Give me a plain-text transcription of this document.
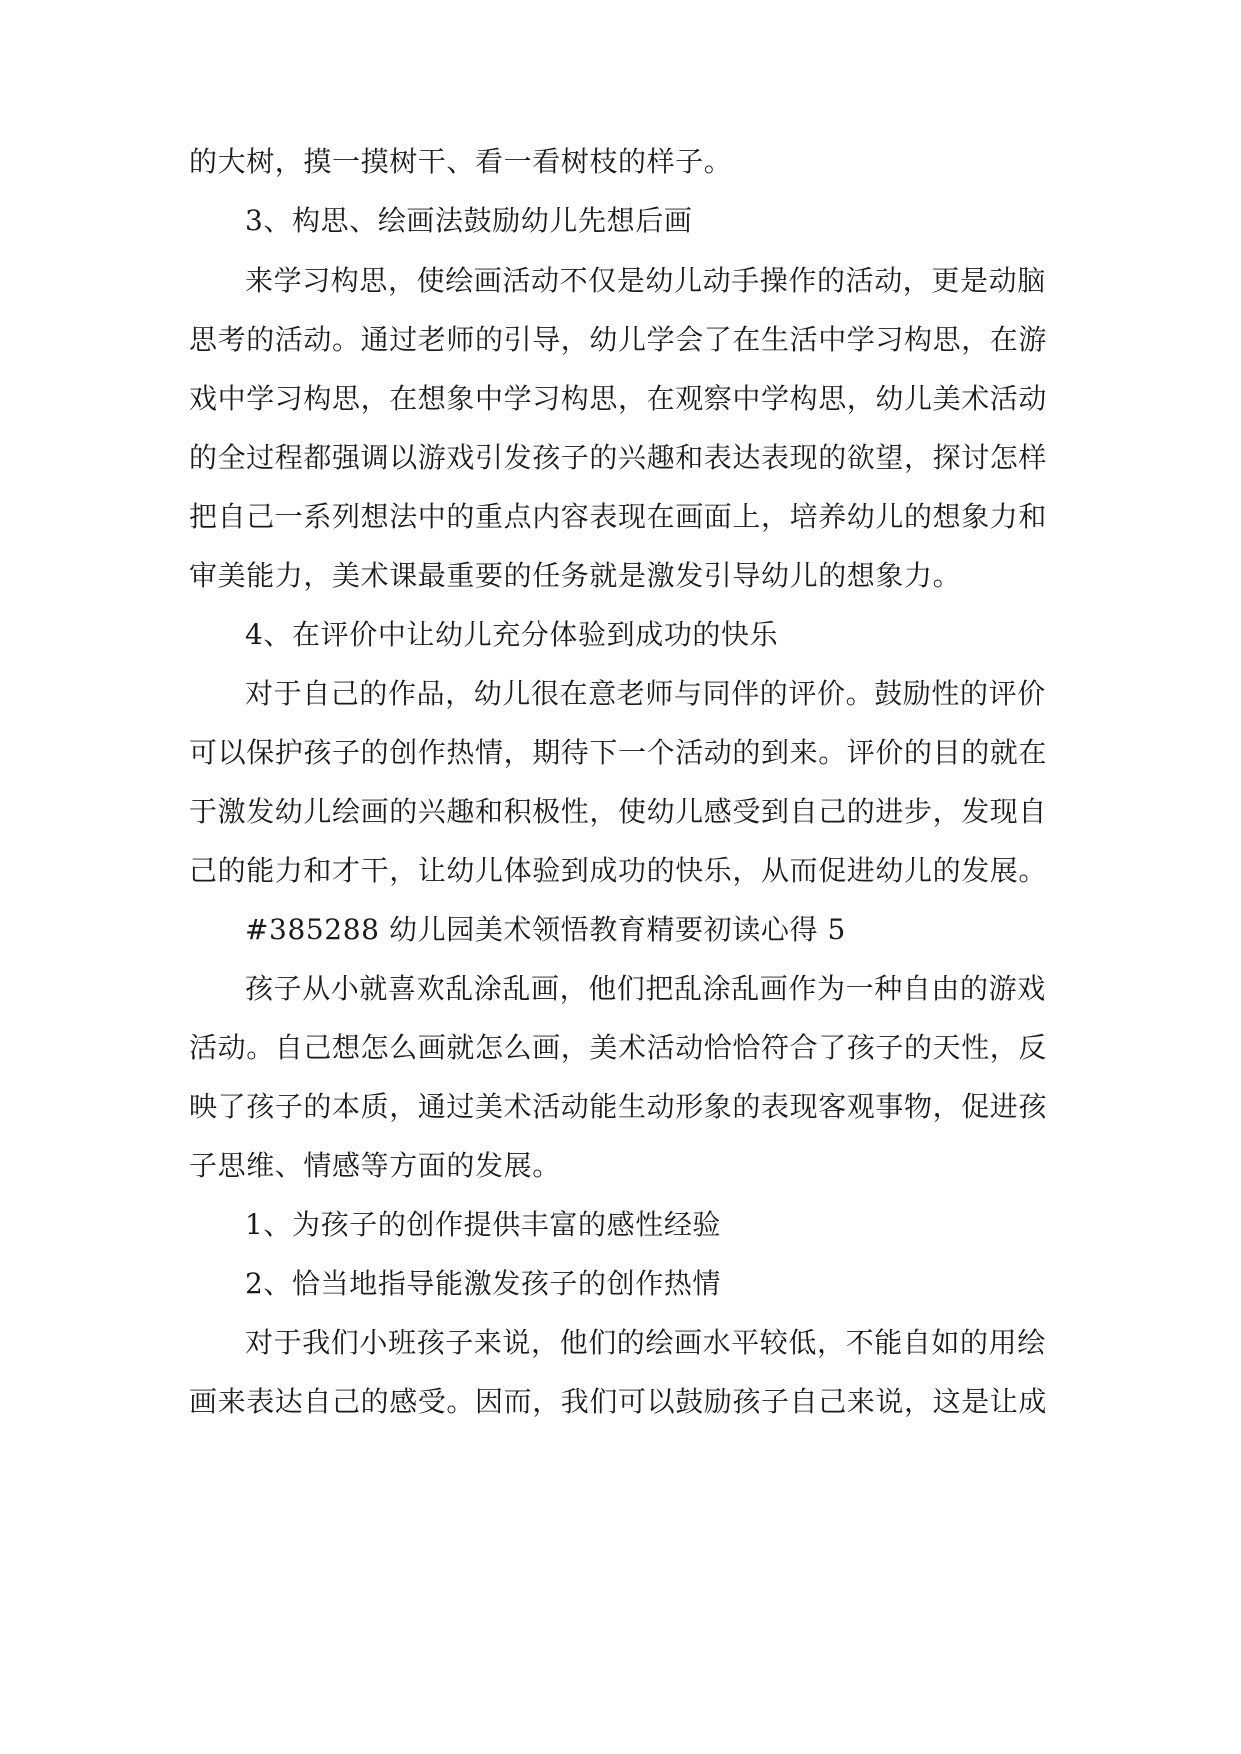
的大树，摸一摸树干、看一看树枝的样子。
3、构思、绘画法鼓励幼儿先想后画
来学习构思，使绘画活动不仅是幼儿动手操作的活动，更是动脑
思考的活动。通过老师的引导，幼儿学会了在生活中学习构思，在游
戏中学习构思，在想象中学习构思，在观察中学构思，幼儿美术活动
的全过程都强调以游戏引发孩子的兴趣和表达表现的欲望，探讨怎样
把自己一系列想法中的重点内容表现在画面上，培养幼儿的想象力和
审美能力，美术课最重要的任务就是激发引导幼儿的想象力。
4、在评价中让幼儿充分体验到成功的快乐
对于自己的作品，幼儿很在意老师与同伴的评价。鼓励性的评价
可以保护孩子的创作热情，期待下一个活动的到来。评价的目的就在
于激发幼儿绘画的兴趣和积极性，使幼儿感受到自己的进步，发现自
己的能力和才干，让幼儿体验到成功的快乐，从而促进幼儿的发展。
#385288 幼儿园美术领悟教育精要初读心得 5
孩子从小就喜欢乱涂乱画，他们把乱涂乱画作为一种自由的游戏
活动。自己想怎么画就怎么画，美术活动恰恰符合了孩子的天性，反
映了孩子的本质，通过美术活动能生动形象的表现客观事物，促进孩
子思维、情感等方面的发展。
1、为孩子的创作提供丰富的感性经验
2、恰当地指导能激发孩子的创作热情
对于我们小班孩子来说，他们的绘画水平较低，不能自如的用绘
画来表达自己的感受。因而，我们可以鼓励孩子自己来说，这是让成
